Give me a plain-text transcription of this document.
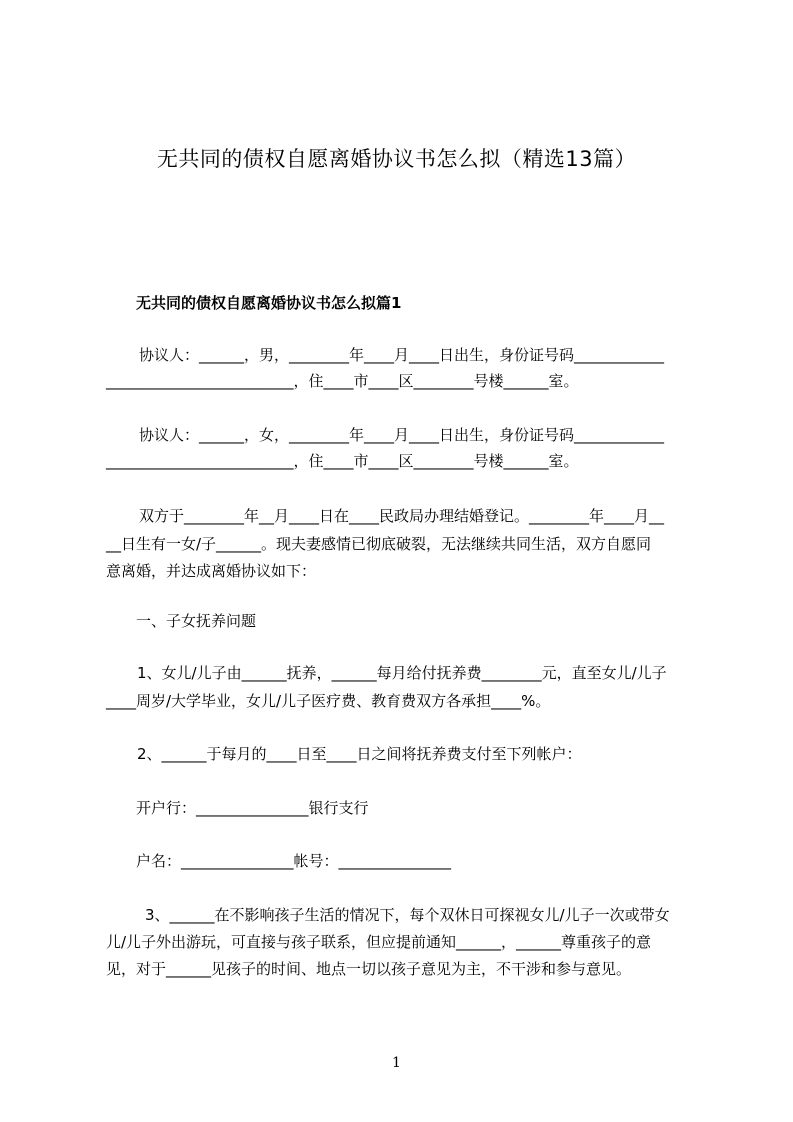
无共同的债权自愿离婚协议书怎么拟（精选13篇）
无共同的债权自愿离婚协议书怎么拟篇1
协议人：______，男，________年____月____日出生，身份证号码____________
_________________________，住____市____区________号楼______室。
协议人：______，女，________年____月____日出生，身份证号码____________
_________________________，住____市____区________号楼______室。
双方于________年__月____日在____民政局办理结婚登记。________年____月__
__日生有一女/子______。现夫妻感情已彻底破裂，无法继续共同生活，双方自愿同
意离婚，并达成离婚协议如下：
一、子女抚养问题
1、女儿/儿子由______抚养，______每月给付抚养费________元，直至女儿/儿子
____周岁/大学毕业，女儿/儿子医疗费、教育费双方各承担____%。
2、______于每月的____日至____日之间将抚养费支付至下列帐户：
开户行：_______________银行支行
户名：_______________帐号：_______________
3、______在不影响孩子生活的情况下，每个双休日可探视女儿/儿子一次或带女
儿/儿子外出游玩，可直接与孩子联系，但应提前通知______，______尊重孩子的意
见，对于______见孩子的时间、地点一切以孩子意见为主，不干涉和参与意见。
1
